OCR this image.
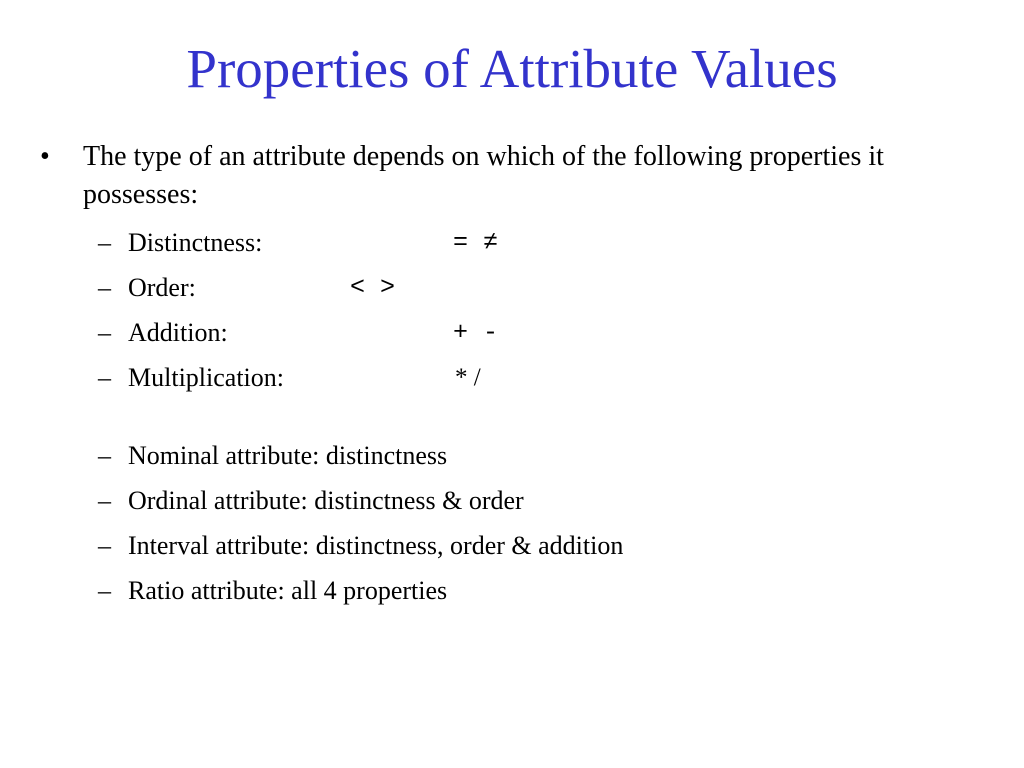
Properties of Attribute Values
•	The type of an attribute depends on which of the following properties it possesses:
– Distinctness:	= ≠
– Order:	< >
– Addition:	+ -
– Multiplication:	* /
– Nominal attribute: distinctness
– Ordinal attribute: distinctness & order
– Interval attribute: distinctness, order & addition
– Ratio attribute: all 4 properties
